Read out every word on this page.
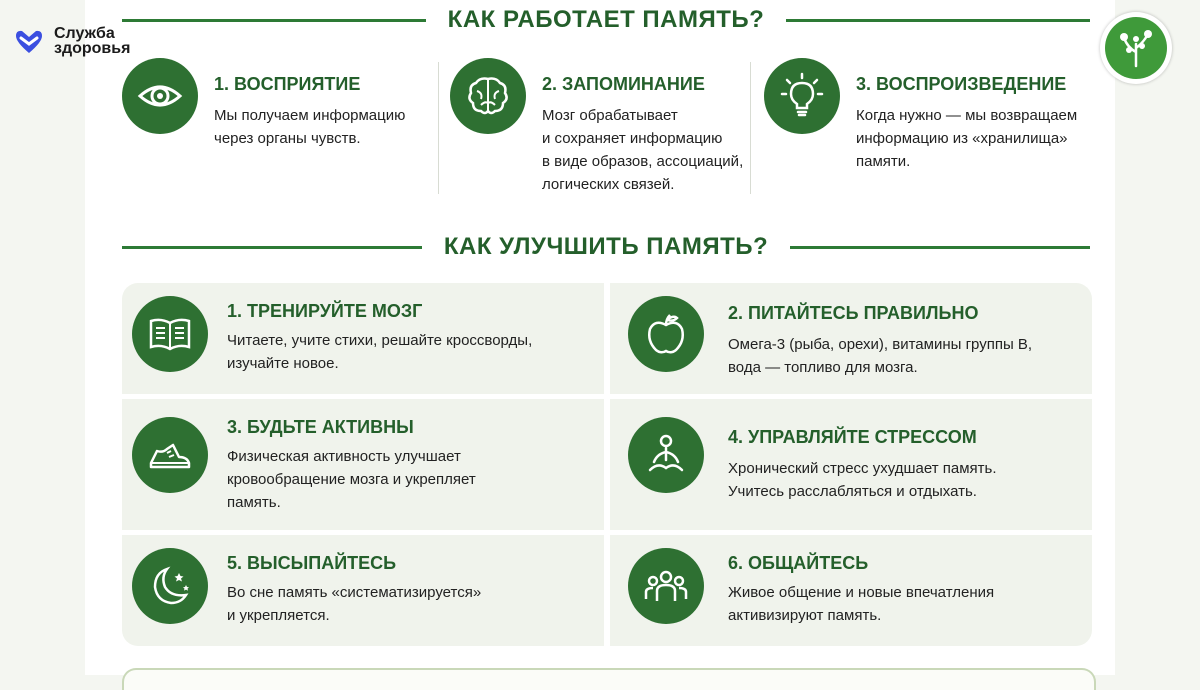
Служба
здоровья
КАК РАБОТАЕТ ПАМЯТЬ?
1. ВОСПРИЯТИЕ
Мы получаем информацию
через органы чувств.
2. ЗАПОМИНАНИЕ
Мозг обрабатывает
и сохраняет информацию
в виде образов, ассоциаций,
логических связей.
3. ВОСПРОИЗВЕДЕНИЕ
Когда нужно — мы возвращаем
информацию из «хранилища»
памяти.
КАК УЛУЧШИТЬ ПАМЯТЬ?
1. ТРЕНИРУЙТЕ МОЗГ
Читаете, учите стихи, решайте кроссворды,
изучайте новое.
2. ПИТАЙТЕСЬ ПРАВИЛЬНО
Омега-3 (рыба, орехи), витамины группы B,
вода — топливо для мозга.
3. БУДЬТЕ АКТИВНЫ
Физическая активность улучшает
кровообращение мозга и укрепляет
память.
4. УПРАВЛЯЙТЕ СТРЕССОМ
Хронический стресс ухудшает память.
Учитесь расслабляться и отдыхать.
5. ВЫСЫПАЙТЕСЬ
Во сне память «систематизируется»
и укрепляется.
6. ОБЩАЙТЕСЬ
Живое общение и новые впечатления
активизируют память.
